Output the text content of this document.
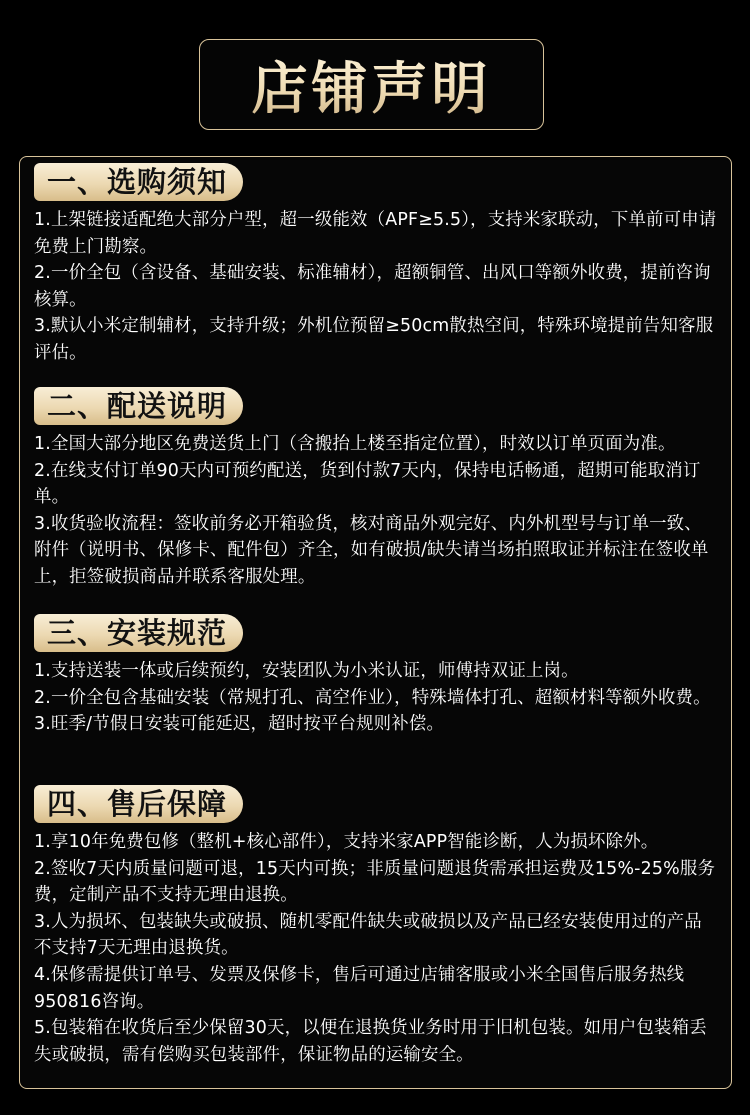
店铺声明
一、选购须知
1.上架链接适配绝大部分户型，超一级能效（APF≥5.5），支持米家联动，下单前可申请免费上门勘察。
2.一价全包（含设备、基础安装、标准辅材），超额铜管、出风口等额外收费，提前咨询核算。
3.默认小米定制辅材，支持升级；外机位预留≥50cm散热空间，特殊环境提前告知客服评估。
二、配送说明
1.全国大部分地区免费送货上门（含搬抬上楼至指定位置），时效以订单页面为准。
2.在线支付订单90天内可预约配送，货到付款7天内，保持电话畅通，超期可能取消订单。
3.收货验收流程：签收前务必开箱验货，核对商品外观完好、内外机型号与订单一致、附件（说明书、保修卡、配件包）齐全，如有破损/缺失请当场拍照取证并标注在签收单上，拒签破损商品并联系客服处理。
三、安装规范
1.支持送装一体或后续预约，安装团队为小米认证，师傅持双证上岗。
2.一价全包含基础安装（常规打孔、高空作业），特殊墙体打孔、超额材料等额外收费。
3.旺季/节假日安装可能延迟，超时按平台规则补偿。
四、售后保障
1.享10年免费包修（整机+核心部件），支持米家APP智能诊断，人为损坏除外。
2.签收7天内质量问题可退，15天内可换；非质量问题退货需承担运费及15%-25%服务费，定制产品不支持无理由退换。
3.人为损坏、包装缺失或破损、随机零配件缺失或破损以及产品已经安装使用过的产品不支持7天无理由退换货。
4.保修需提供订单号、发票及保修卡，售后可通过店铺客服或小米全国售后服务热线950816咨询。
5.包装箱在收货后至少保留30天，以便在退换货业务时用于旧机包装。如用户包装箱丢失或破损，需有偿购买包装部件，保证物品的运输安全。
